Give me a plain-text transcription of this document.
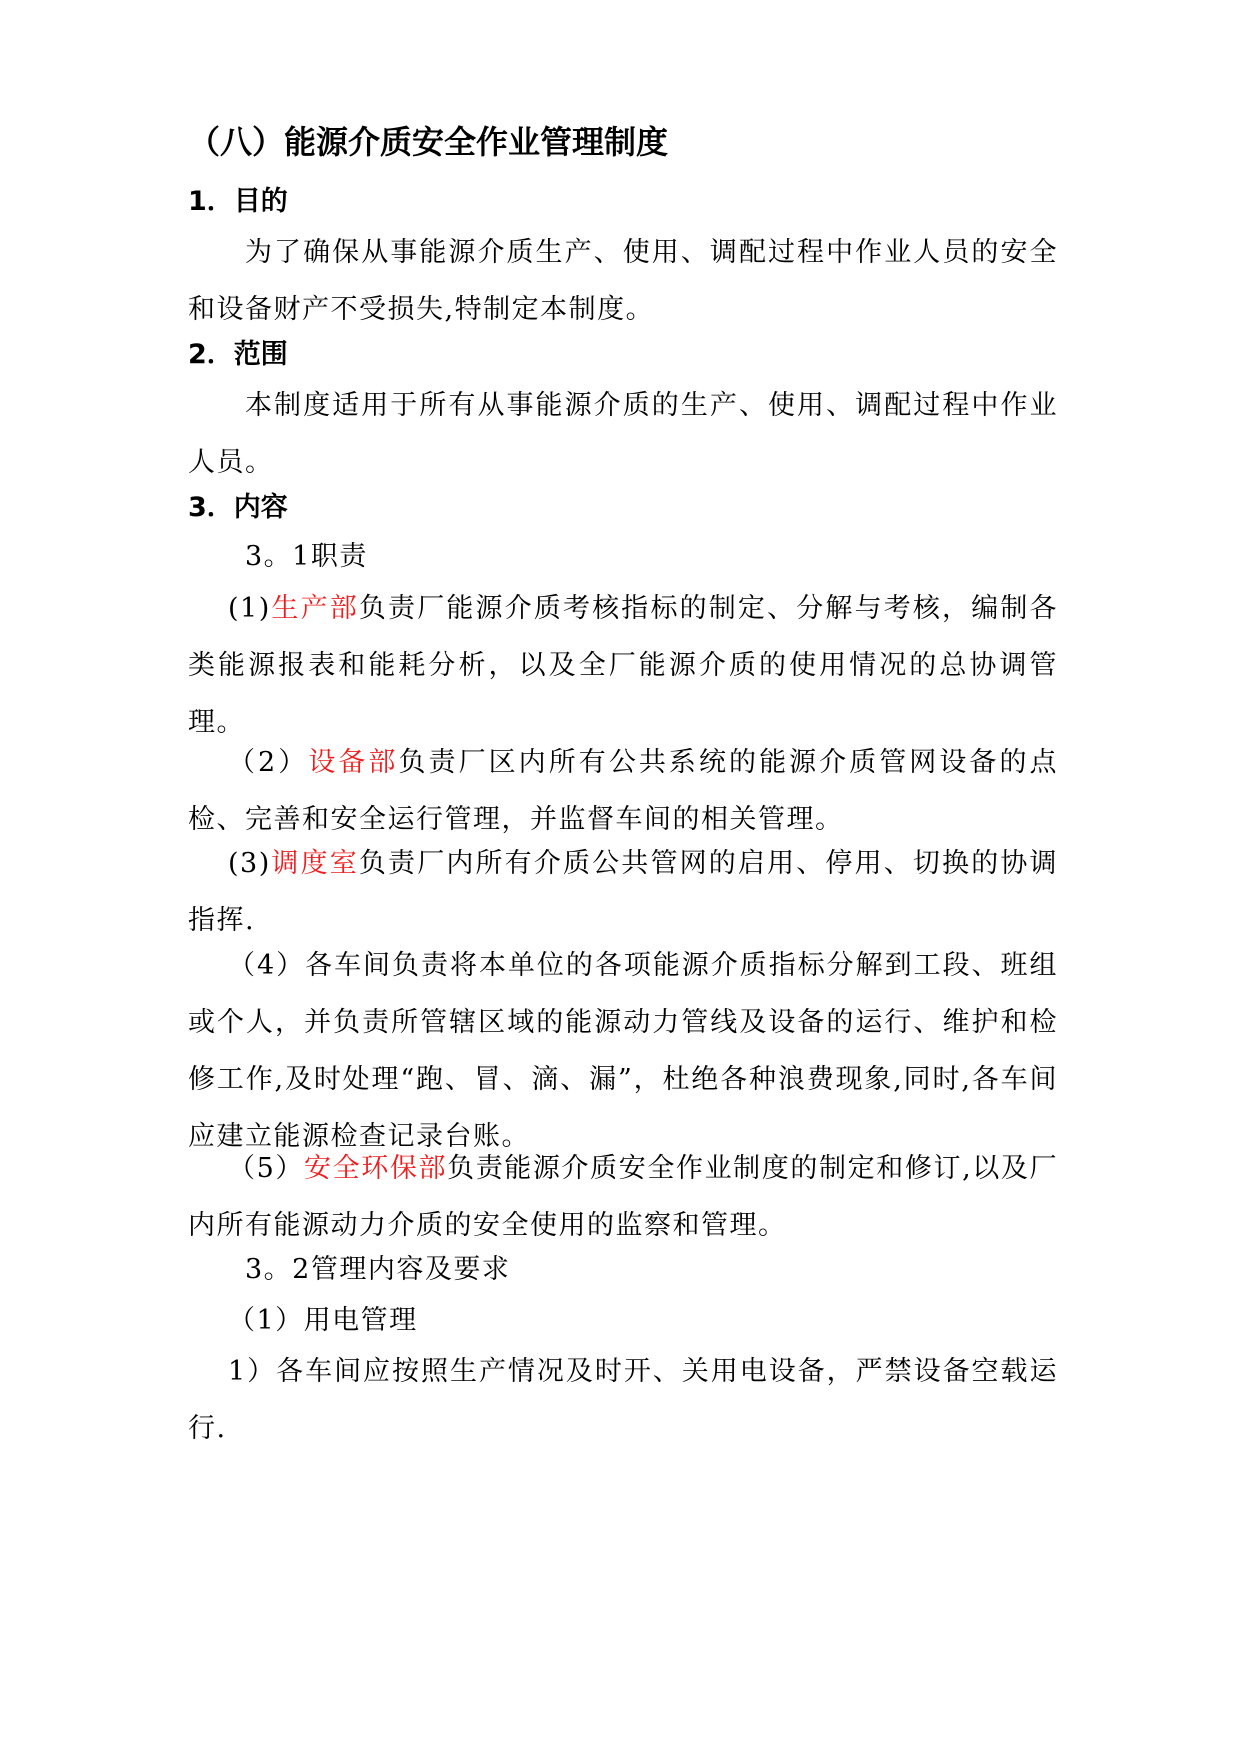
（八）能源介质安全作业管理制度
1．目的

为了确保从事能源介质生产、使用、调配过程中作业人员的安全和设备财产不受损失,特制定本制度。

2．范围

本制度适用于所有从事能源介质的生产、使用、调配过程中作业人员。

3．内容

3。1职责

(1)生产部负责厂能源介质考核指标的制定、分解与考核，编制各类能源报表和能耗分析，以及全厂能源介质的使用情况的总协调管理。

（2）设备部负责厂区内所有公共系统的能源介质管网设备的点检、完善和安全运行管理，并监督车间的相关管理。

(3)调度室负责厂内所有介质公共管网的启用、停用、切换的协调指挥.

（4）各车间负责将本单位的各项能源介质指标分解到工段、班组或个人，并负责所管辖区域的能源动力管线及设备的运行、维护和检修工作,及时处理“跑、冒、滴、漏”，杜绝各种浪费现象,同时,各车间应建立能源检查记录台账。

（5）安全环保部负责能源介质安全作业制度的制定和修订,以及厂内所有能源动力介质的安全使用的监察和管理。

3。2管理内容及要求

（1）用电管理

1）各车间应按照生产情况及时开、关用电设备，严禁设备空载运行.
